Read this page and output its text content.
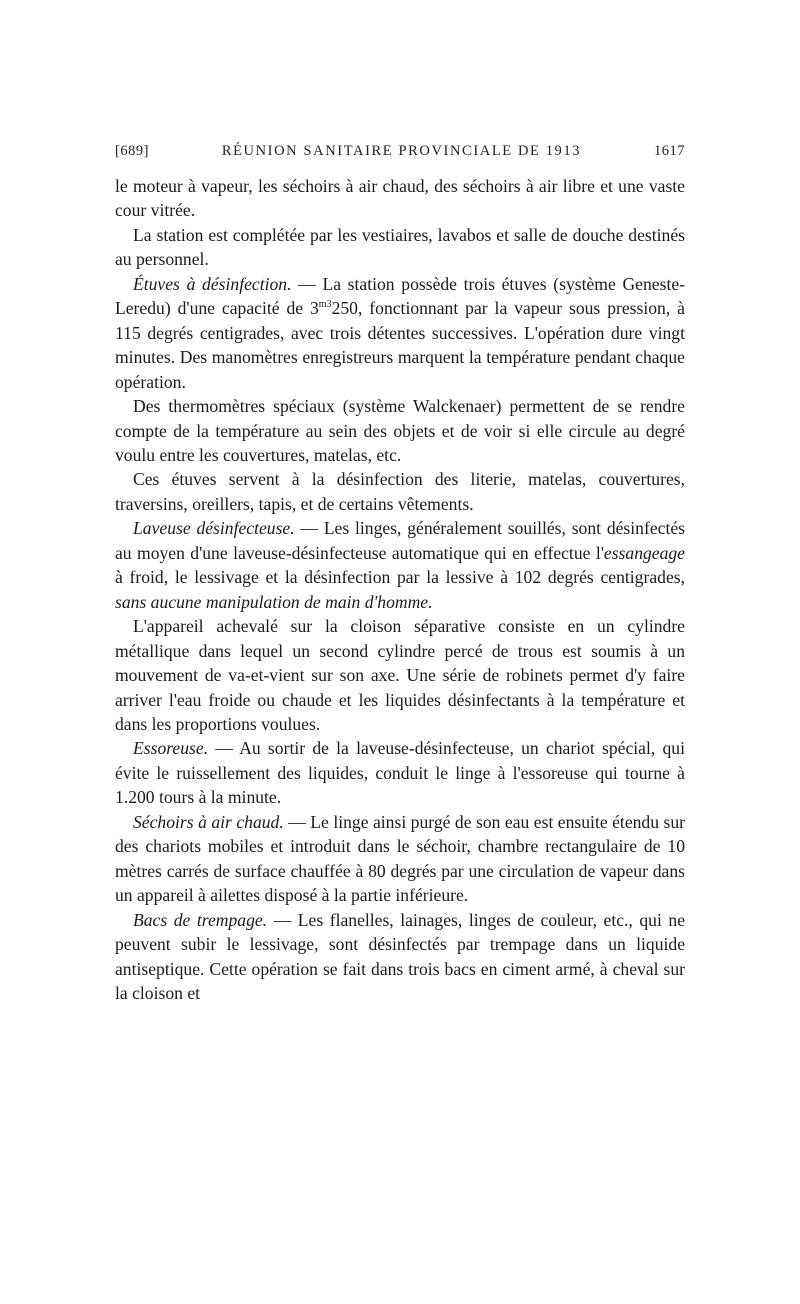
[689]	RÉUNION SANITAIRE PROVINCIALE DE 1913	1617

le moteur à vapeur, les séchoirs à air chaud, des séchoirs à air libre et une vaste cour vitrée.

La station est complétée par les vestiaires, lavabos et salle de douche destinés au personnel.

Étuves à désinfection. — La station possède trois étuves (système Geneste-Leredu) d'une capacité de $3^{m3}250$, fonctionnant par la vapeur sous pression, à 115 degrés centigrades, avec trois détentes successives. L'opération dure vingt minutes. Des manomètres enregistreurs marquent la température pendant chaque opération.

Des thermomètres spéciaux (système Walckenaer) permettent de se rendre compte de la température au sein des objets et de voir si elle circule au degré voulu entre les couvertures, matelas, etc.

Ces étuves servent à la désinfection des literie, matelas, couvertures, traversins, oreillers, tapis, et de certains vêtements.

Laveuse désinfecteuse. — Les linges, généralement souillés, sont désinfectés au moyen d'une laveuse-désinfecteuse automatique qui en effectue l'essangeage à froid, le lessivage et la désinfection par la lessive à 102 degrés centigrades, sans aucune manipulation de main d'homme.

L'appareil achevalé sur la cloison séparative consiste en un cylindre métallique dans lequel un second cylindre percé de trous est soumis à un mouvement de va-et-vient sur son axe. Une série de robinets permet d'y faire arriver l'eau froide ou chaude et les liquides désinfectants à la température et dans les proportions voulues.

Essoreuse. — Au sortir de la laveuse-désinfecteuse, un chariot spécial, qui évite le ruissellement des liquides, conduit le linge à l'essoreuse qui tourne à 1.200 tours à la minute.

Séchoirs à air chaud. — Le linge ainsi purgé de son eau est ensuite étendu sur des chariots mobiles et introduit dans le séchoir, chambre rectangulaire de 10 mètres carrés de surface chauffée à 80 degrés par une circulation de vapeur dans un appareil à ailettes disposé à la partie inférieure.

Bacs de trempage. — Les flanelles, lainages, linges de couleur, etc., qui ne peuvent subir le lessivage, sont désinfectés par trempage dans un liquide antiseptique. Cette opération se fait dans trois bacs en ciment armé, à cheval sur la cloison et
